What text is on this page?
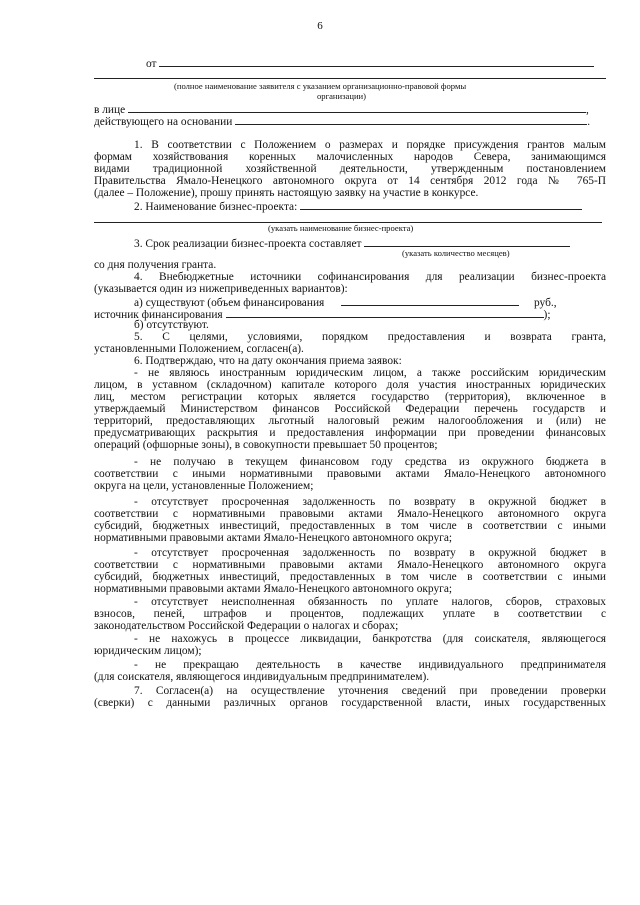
6
от
(полное наименование заявителя с указанием организационно-правовой формы
организации)
в лице	,
действующего на основании	.
1. В соответствии с Положением о размерах и порядке присуждения грантов малым
формам хозяйствования коренных малочисленных народов Севера, занимающимся
видами традиционной хозяйственной деятельности, утвержденным постановлением
Правительства Ямало-Ненецкого автономного округа от 14 сентября 2012 года № 765-П
(далее – Положение), прошу принять настоящую заявку на участие в конкурсе.
2. Наименование бизнес-проекта:
(указать наименование бизнес-проекта)
3. Срок реализации бизнес-проекта составляет
(указать количество месяцев)
со дня получения гранта.
4. Внебюджетные источники софинансирования для реализации бизнес-проекта
(указывается один из нижеприведенных вариантов):
а) существуют (объем финансирования	руб.,
источник финансирования	);
б) отсутствуют.
5. С целями, условиями, порядком предоставления и возврата гранта,
установленными Положением, согласен(а).
6. Подтверждаю, что на дату окончания приема заявок:
- не являюсь иностранным юридическим лицом, а также российским юридическим
лицом, в уставном (складочном) капитале которого доля участия иностранных юридических
лиц, местом регистрации которых является государство (территория), включенное в
утверждаемый Министерством финансов Российской Федерации перечень государств и
территорий, предоставляющих льготный налоговый режим налогообложения и (или) не
предусматривающих раскрытия и предоставления информации при проведении финансовых
операций (офшорные зоны), в совокупности превышает 50 процентов;
- не получаю в текущем финансовом году средства из окружного бюджета в
соответствии с иными нормативными правовыми актами Ямало-Ненецкого автономного
округа на цели, установленные Положением;
- отсутствует просроченная задолженность по возврату в окружной бюджет в
соответствии с нормативными правовыми актами Ямало-Ненецкого автономного округа
субсидий, бюджетных инвестиций, предоставленных в том числе в соответствии с иными
нормативными правовыми актами Ямало-Ненецкого автономного округа;
- отсутствует просроченная задолженность по возврату в окружной бюджет в
соответствии с нормативными правовыми актами Ямало-Ненецкого автономного округа
субсидий, бюджетных инвестиций, предоставленных в том числе в соответствии с иными
нормативными правовыми актами Ямало-Ненецкого автономного округа;
- отсутствует неисполненная обязанность по уплате налогов, сборов, страховых
взносов, пеней, штрафов и процентов, подлежащих уплате в соответствии с
законодательством Российской Федерации о налогах и сборах;
- не нахожусь в процессе ликвидации, банкротства (для соискателя, являющегося
юридическим лицом);
- не прекращаю деятельность в качестве индивидуального предпринимателя
(для соискателя, являющегося индивидуальным предпринимателем).
7. Согласен(а) на осуществление уточнения сведений при проведении проверки
(сверки) с данными различных органов государственной власти, иных государственных
